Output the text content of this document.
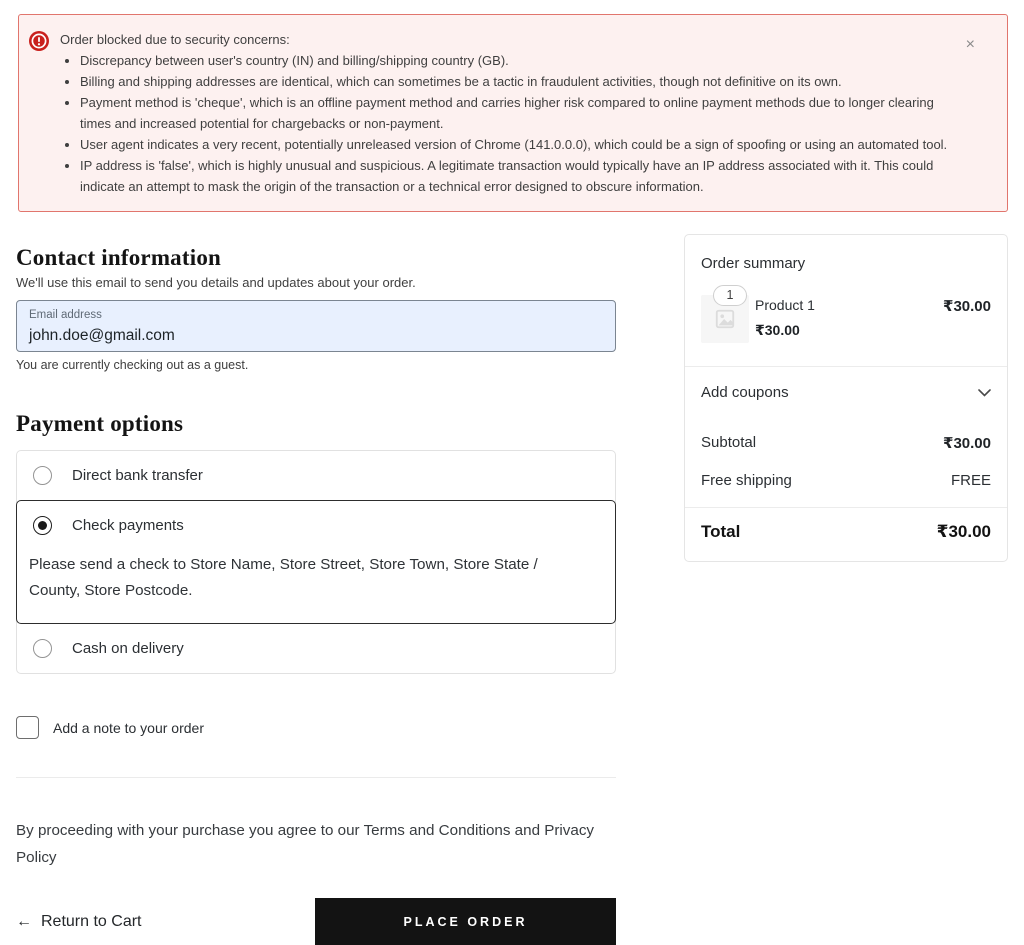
Order blocked due to security concerns:
• Discrepancy between user's country (IN) and billing/shipping country (GB).
• Billing and shipping addresses are identical, which can sometimes be a tactic in fraudulent activities, though not definitive on its own.
• Payment method is 'cheque', which is an offline payment method and carries higher risk compared to online payment methods due to longer clearing times and increased potential for chargebacks or non-payment.
• User agent indicates a very recent, potentially unreleased version of Chrome (141.0.0.0), which could be a sign of spoofing or using an automated tool.
• IP address is 'false', which is highly unusual and suspicious. A legitimate transaction would typically have an IP address associated with it. This could indicate an attempt to mask the origin of the transaction or a technical error designed to obscure information.
×
Contact information

We'll use this email to send you details and updates about your order.

Email address
john.doe@gmail.com

You are currently checking out as a guest.

Payment options
Direct bank transfer
Check payments

Please send a check to Store Name, Store Street, Store Town, Store State / County, Store Postcode.

Cash on delivery
Add a note to your order

By proceeding with your purchase you agree to our Terms and Conditions and Privacy Policy

← Return to Cart	PLACE ORDER
Order summary
1
Product 1
₹30.00
₹30.00
Add coupons
Subtotal	₹30.00
Free shipping	FREE
Total	₹30.00
